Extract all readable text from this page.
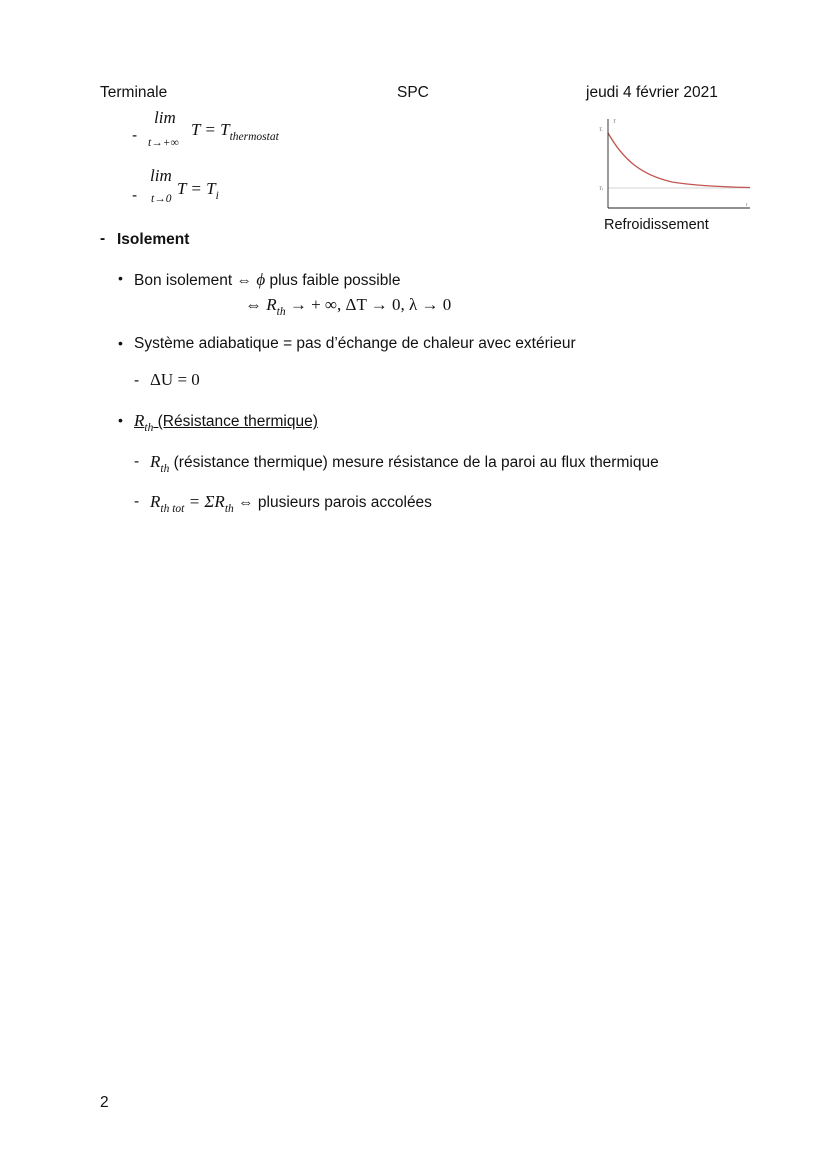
Terminale	SPC	jeudi 4 février 2021
-
lim
t→+∞
$T = T_{thermostat}$
-
lim
t→0
$T = T_i$
T
t
Tᵢ
Tₜ
Refroidissement
- Isolement
• Bon isolement ⇔ ϕ plus faible possible
⇔ $R_{th}$ → + ∞, ΔT → 0, λ → 0
• Système adiabatique = pas d’échange de chaleur avec extérieur
- ΔU = 0
• $R_{th}$ (Résistance thermique)
- $R_{th}$ (résistance thermique) mesure résistance de la paroi au flux thermique
- $R_{th tot} = \Sigma R_{th}$ ⇔ plusieurs parois accolées
2
